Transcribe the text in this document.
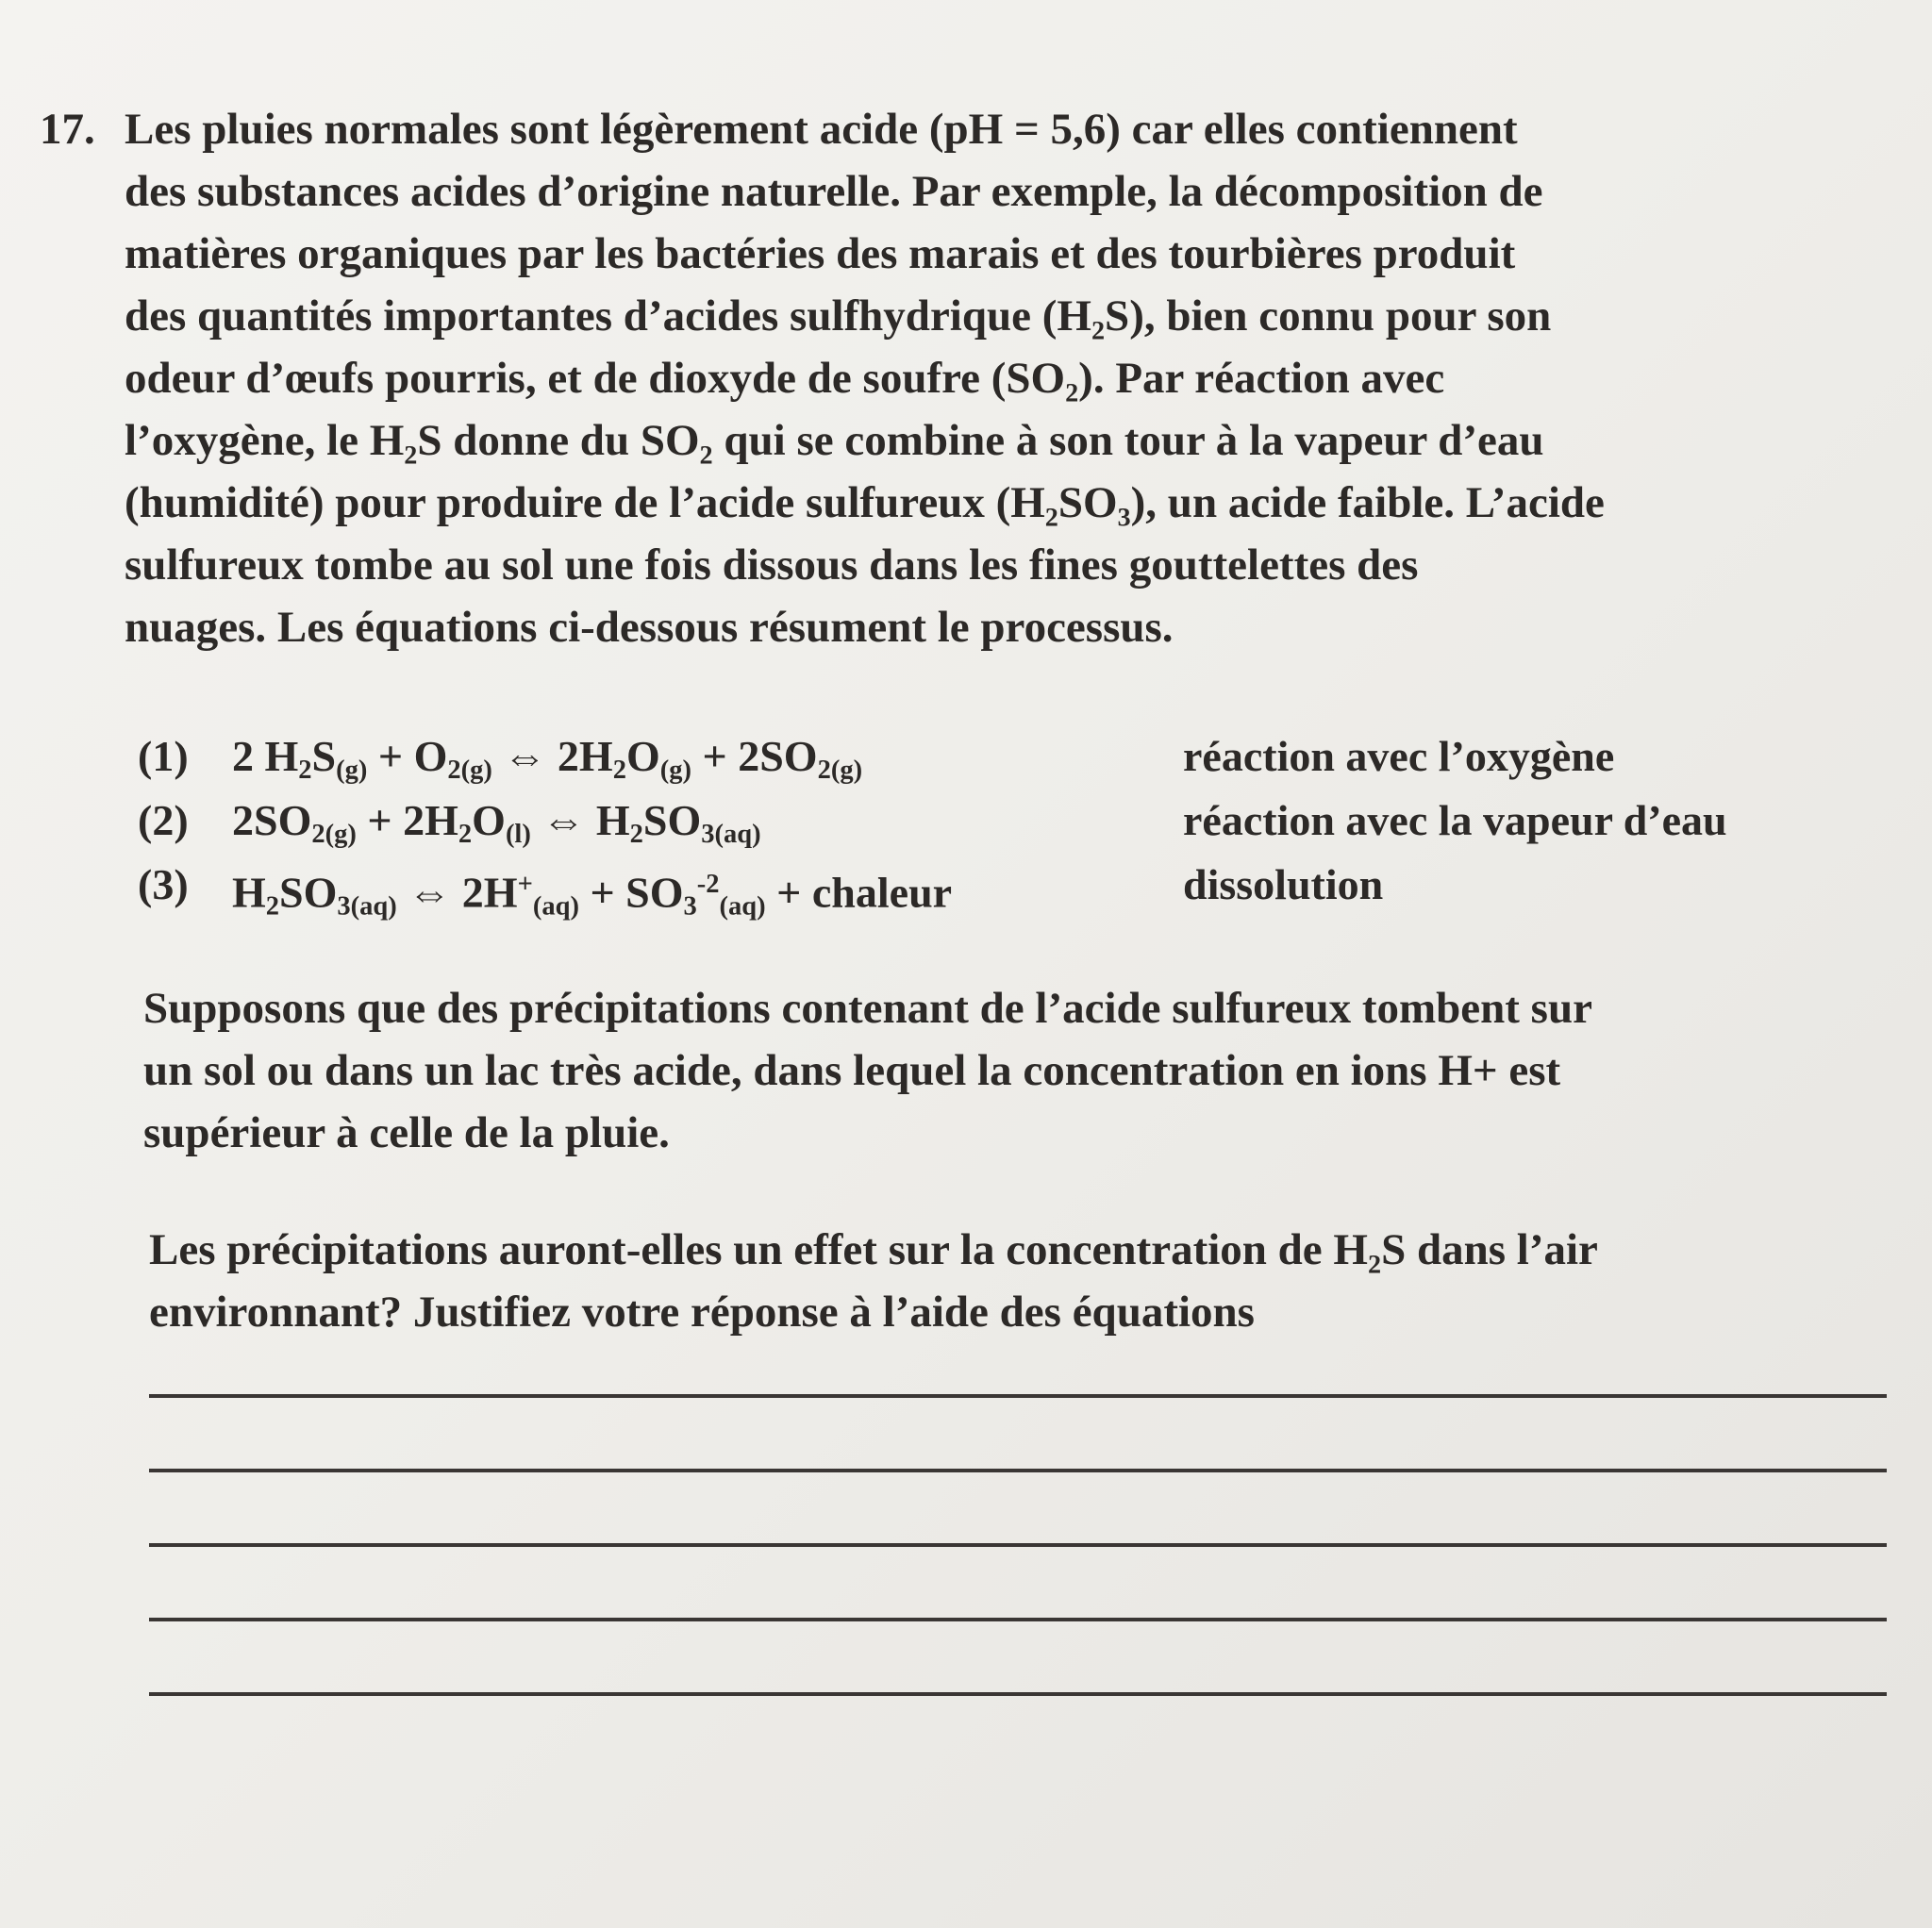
17. Les pluies normales sont légèrement acide (pH = 5,6) car elles contiennent
des substances acides d’origine naturelle. Par exemple, la décomposition de
matières organiques par les bactéries des marais et des tourbières produit
des quantités importantes d’acides sulfhydrique (H₂S), bien connu pour son
odeur d’œufs pourris, et de dioxyde de soufre (SO₂). Par réaction avec
l’oxygène, le H₂S donne du SO₂ qui se combine à son tour à la vapeur d’eau
(humidité) pour produire de l’acide sulfureux (H₂SO₃), un acide faible. L’acide
sulfureux tombe au sol une fois dissous dans les fines gouttelettes des
nuages. Les équations ci-dessous résument le processus.
(1) 2 H2S(g) + O2(g) ⇔ 2H2O(g) + 2SO2(g)	réaction avec l’oxygène
(2) 2SO2(g) + 2H2O(l) ⇔ H2SO3(aq)	réaction avec la vapeur d’eau
(3) H2SO3(aq) ⇔ $2H^+(aq) + SO3^{-2}(aq)$ + chaleur	dissolution
Supposons que des précipitations contenant de l’acide sulfureux tombent sur
un sol ou dans un lac très acide, dans lequel la concentration en ions H+ est
supérieur à celle de la pluie.
Les précipitations auront-elles un effet sur la concentration de H₂S dans l’air
environnant? Justifiez votre réponse à l’aide des équations
